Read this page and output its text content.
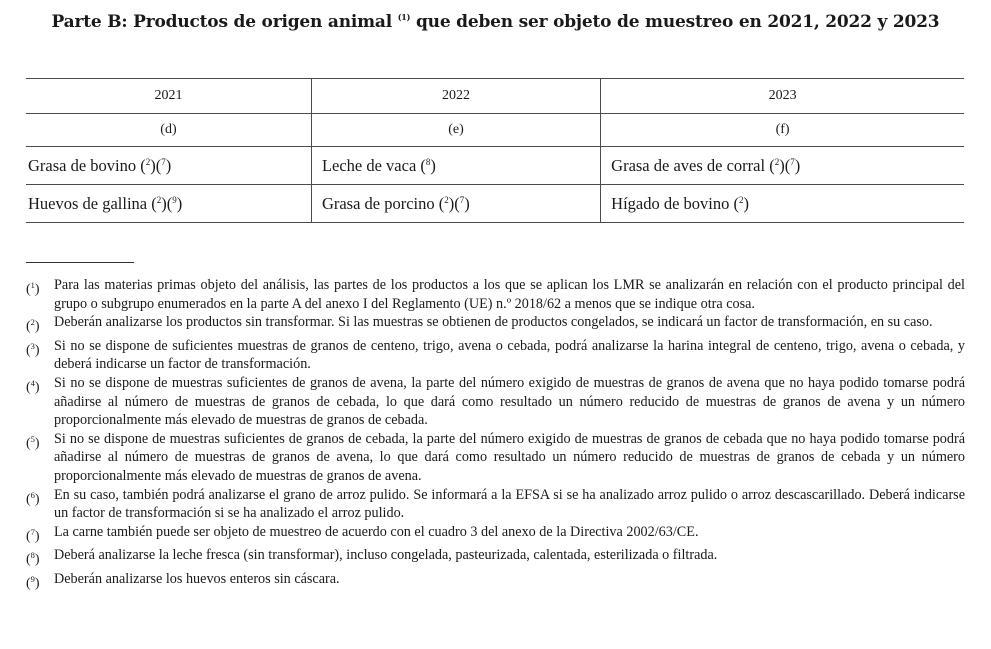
Parte B: Productos de origen animal $^{(1)}$ que deben ser objeto de muestreo en 2021, 2022 y 2023
2021	2022	2023
(d)	(e)	(f)
Grasa de bovino ($^2$)($^7$)	Leche de vaca ($^8$)	Grasa de aves de corral ($^2$)($^7$)
Huevos de gallina ($^2$)($^9$)	Grasa de porcino ($^2$)($^7$)	Hígado de bovino ($^2$)
($^1$)	Para las materias primas objeto del análisis, las partes de los productos a los que se aplican los LMR se analizarán en relación con el producto principal del grupo o subgrupo enumerados en la parte A del anexo I del Reglamento (UE) n.º 2018/62 a menos que se indique otra cosa.
($^2$)	Deberán analizarse los productos sin transformar. Si las muestras se obtienen de productos congelados, se indicará un factor de transformación, en su caso.
($^3$)	Si no se dispone de suficientes muestras de granos de centeno, trigo, avena o cebada, podrá analizarse la harina integral de centeno, trigo, avena o cebada, y deberá indicarse un factor de transformación.
($^4$)	Si no se dispone de muestras suficientes de granos de avena, la parte del número exigido de muestras de granos de avena que no haya podido tomarse podrá añadirse al número de muestras de granos de cebada, lo que dará como resultado un número reducido de muestras de granos de avena y un número proporcionalmente más elevado de muestras de granos de cebada.
($^5$)	Si no se dispone de muestras suficientes de granos de cebada, la parte del número exigido de muestras de granos de cebada que no haya podido tomarse podrá añadirse al número de muestras de granos de avena, lo que dará como resultado un número reducido de muestras de granos de cebada y un número proporcionalmente más elevado de muestras de granos de avena.
($^6$)	En su caso, también podrá analizarse el grano de arroz pulido. Se informará a la EFSA si se ha analizado arroz pulido o arroz descascarillado. Deberá indicarse un factor de transformación si se ha analizado el arroz pulido.
($^7$)	La carne también puede ser objeto de muestreo de acuerdo con el cuadro 3 del anexo de la Directiva 2002/63/CE.
($^8$)	Deberá analizarse la leche fresca (sin transformar), incluso congelada, pasteurizada, calentada, esterilizada o filtrada.
($^9$)	Deberán analizarse los huevos enteros sin cáscara.
